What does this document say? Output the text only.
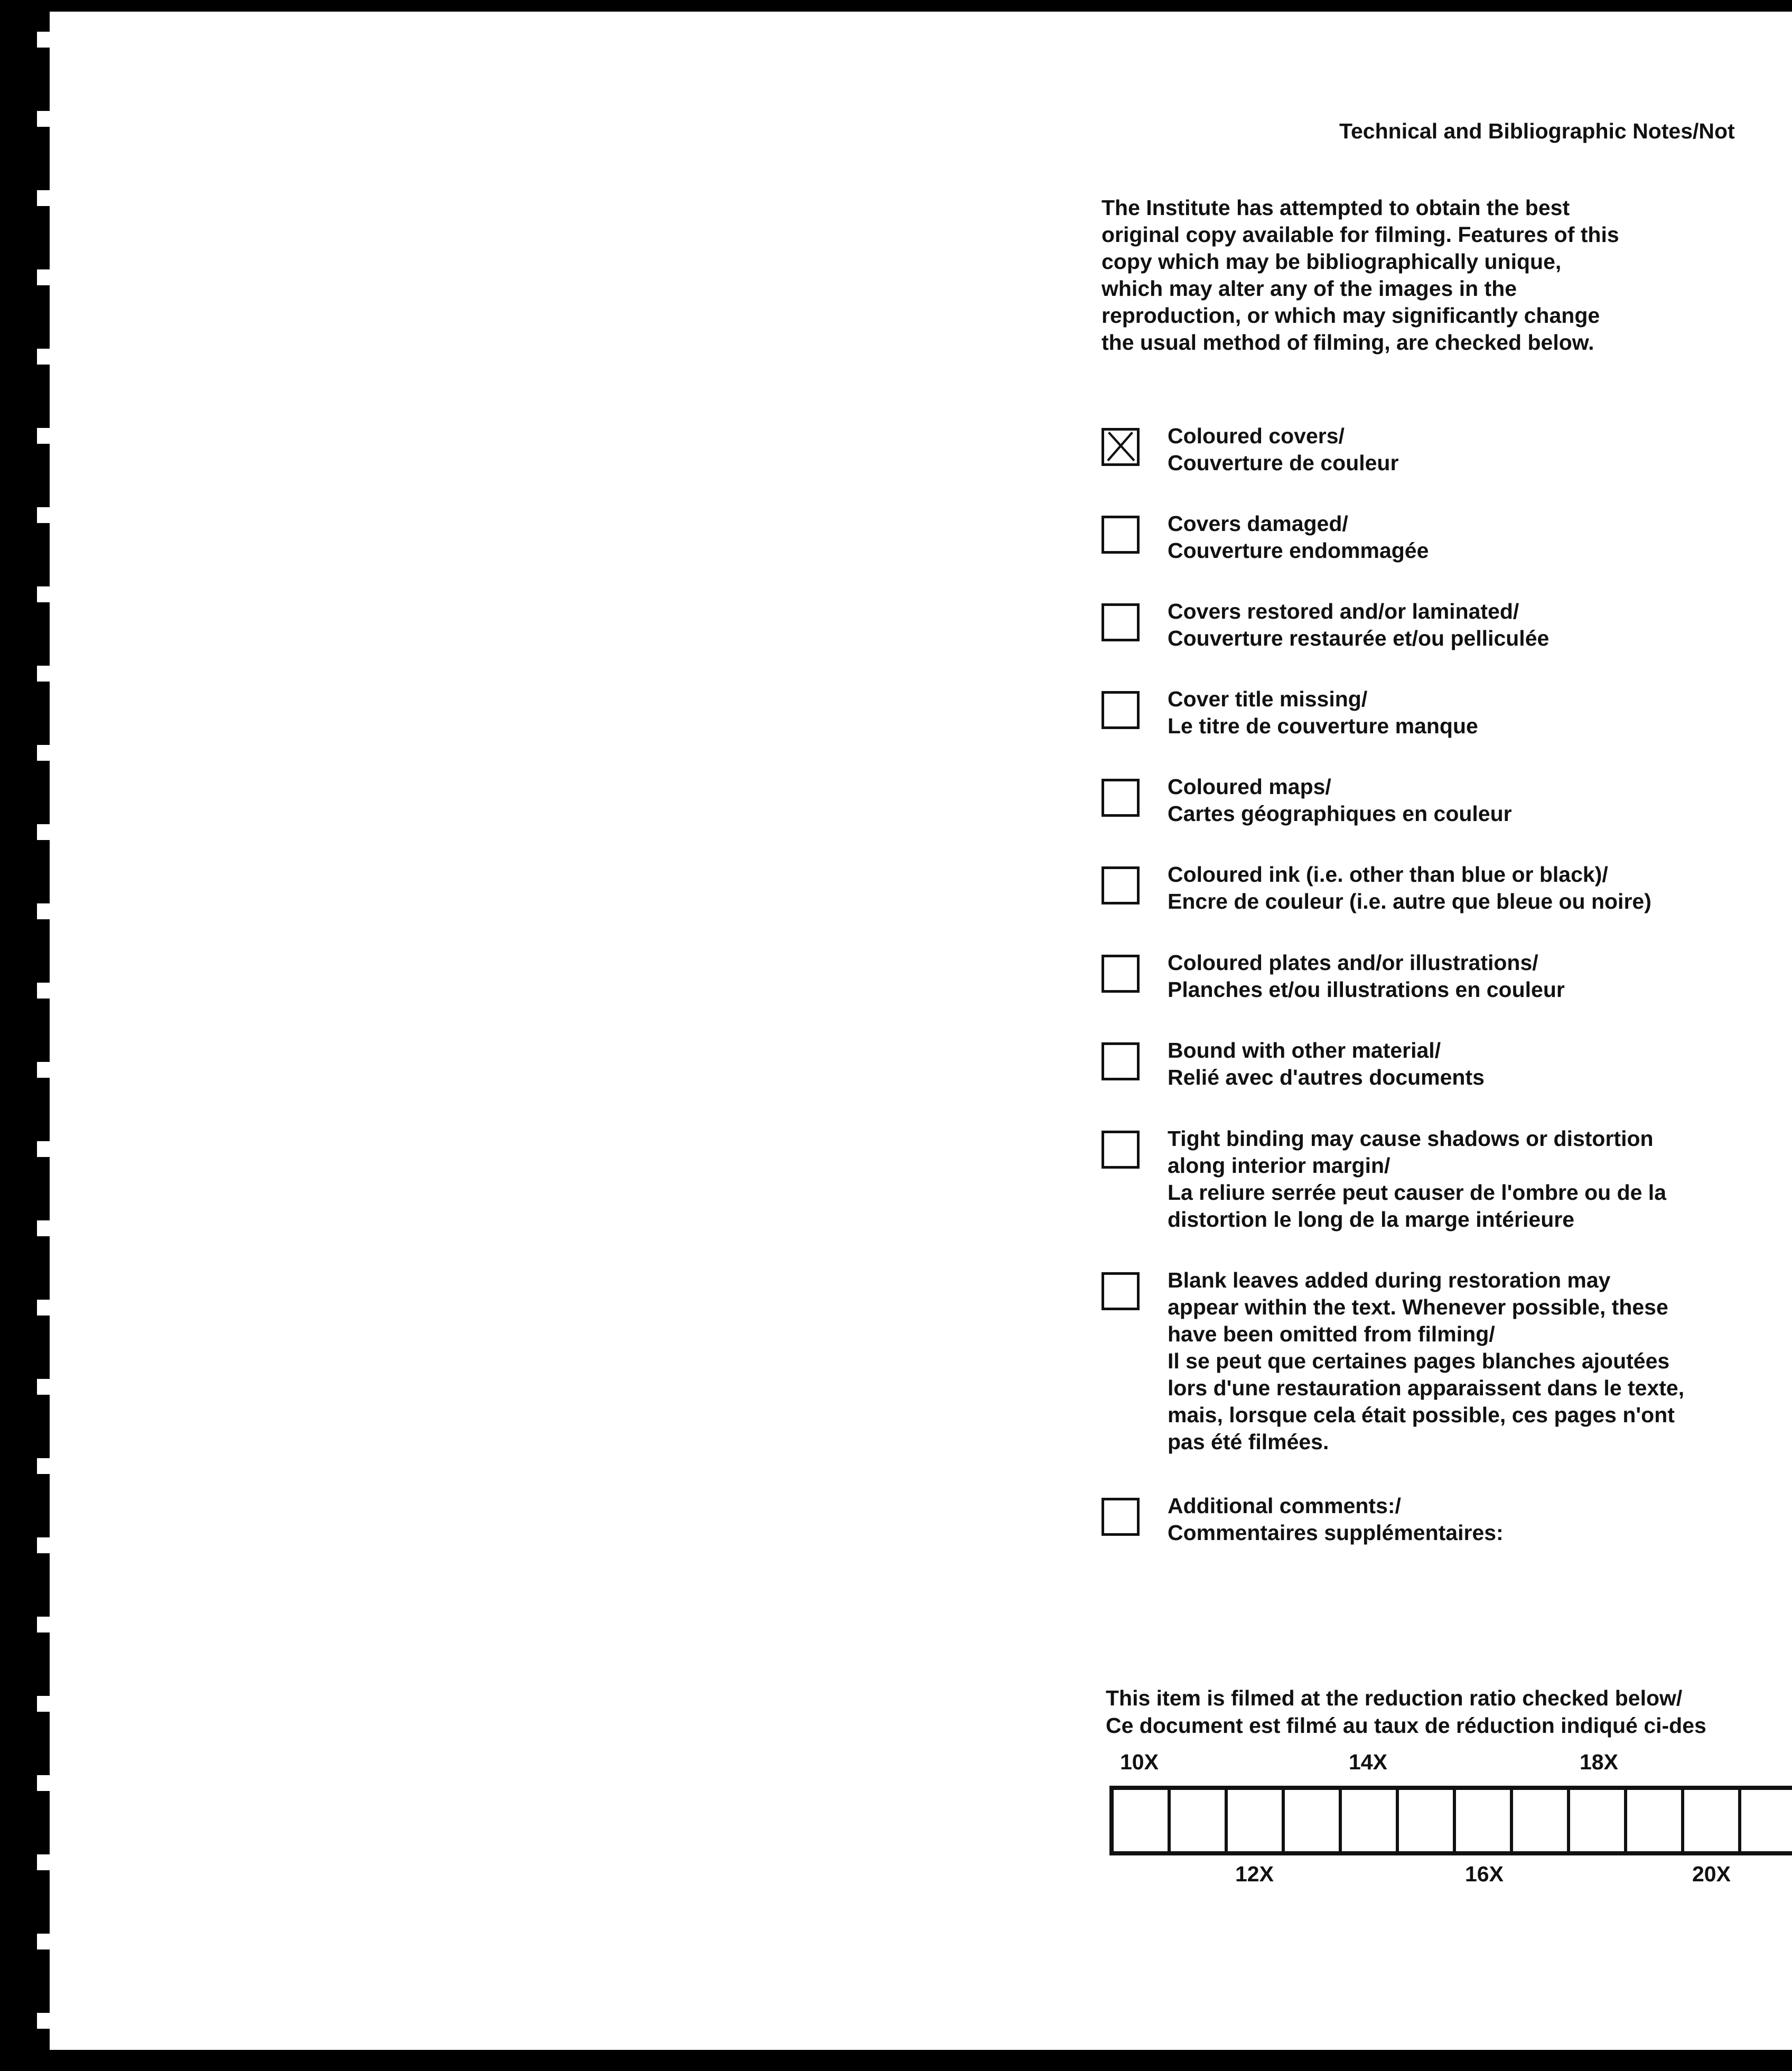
Technical and Bibliographic Notes/Not
The Institute has attempted to obtain the best
original copy available for filming. Features of this
copy which may be bibliographically unique,
which may alter any of the images in the
reproduction, or which may significantly change
the usual method of filming, are checked below.
Coloured covers/
Couverture de couleur
Covers damaged/
Couverture endommagée
Covers restored and/or laminated/
Couverture restaurée et/ou pelliculée
Cover title missing/
Le titre de couverture manque
Coloured maps/
Cartes géographiques en couleur
Coloured ink (i.e. other than blue or black)/
Encre de couleur (i.e. autre que bleue ou noire)
Coloured plates and/or illustrations/
Planches et/ou illustrations en couleur
Bound with other material/
Relié avec d'autres documents
Tight binding may cause shadows or distortion
along interior margin/
La reliure serrée peut causer de l'ombre ou de la
distortion le long de la marge intérieure
Blank leaves added during restoration may
appear within the text. Whenever possible, these
have been omitted from filming/
Il se peut que certaines pages blanches ajoutées
lors d'une restauration apparaissent dans le texte,
mais, lorsque cela était possible, ces pages n'ont
pas été filmées.
Additional comments:/
Commentaires supplémentaires:
This item is filmed at the reduction ratio checked below/
Ce document est filmé au taux de réduction indiqué ci-des
10X	14X	18X
12X	16X	20X
